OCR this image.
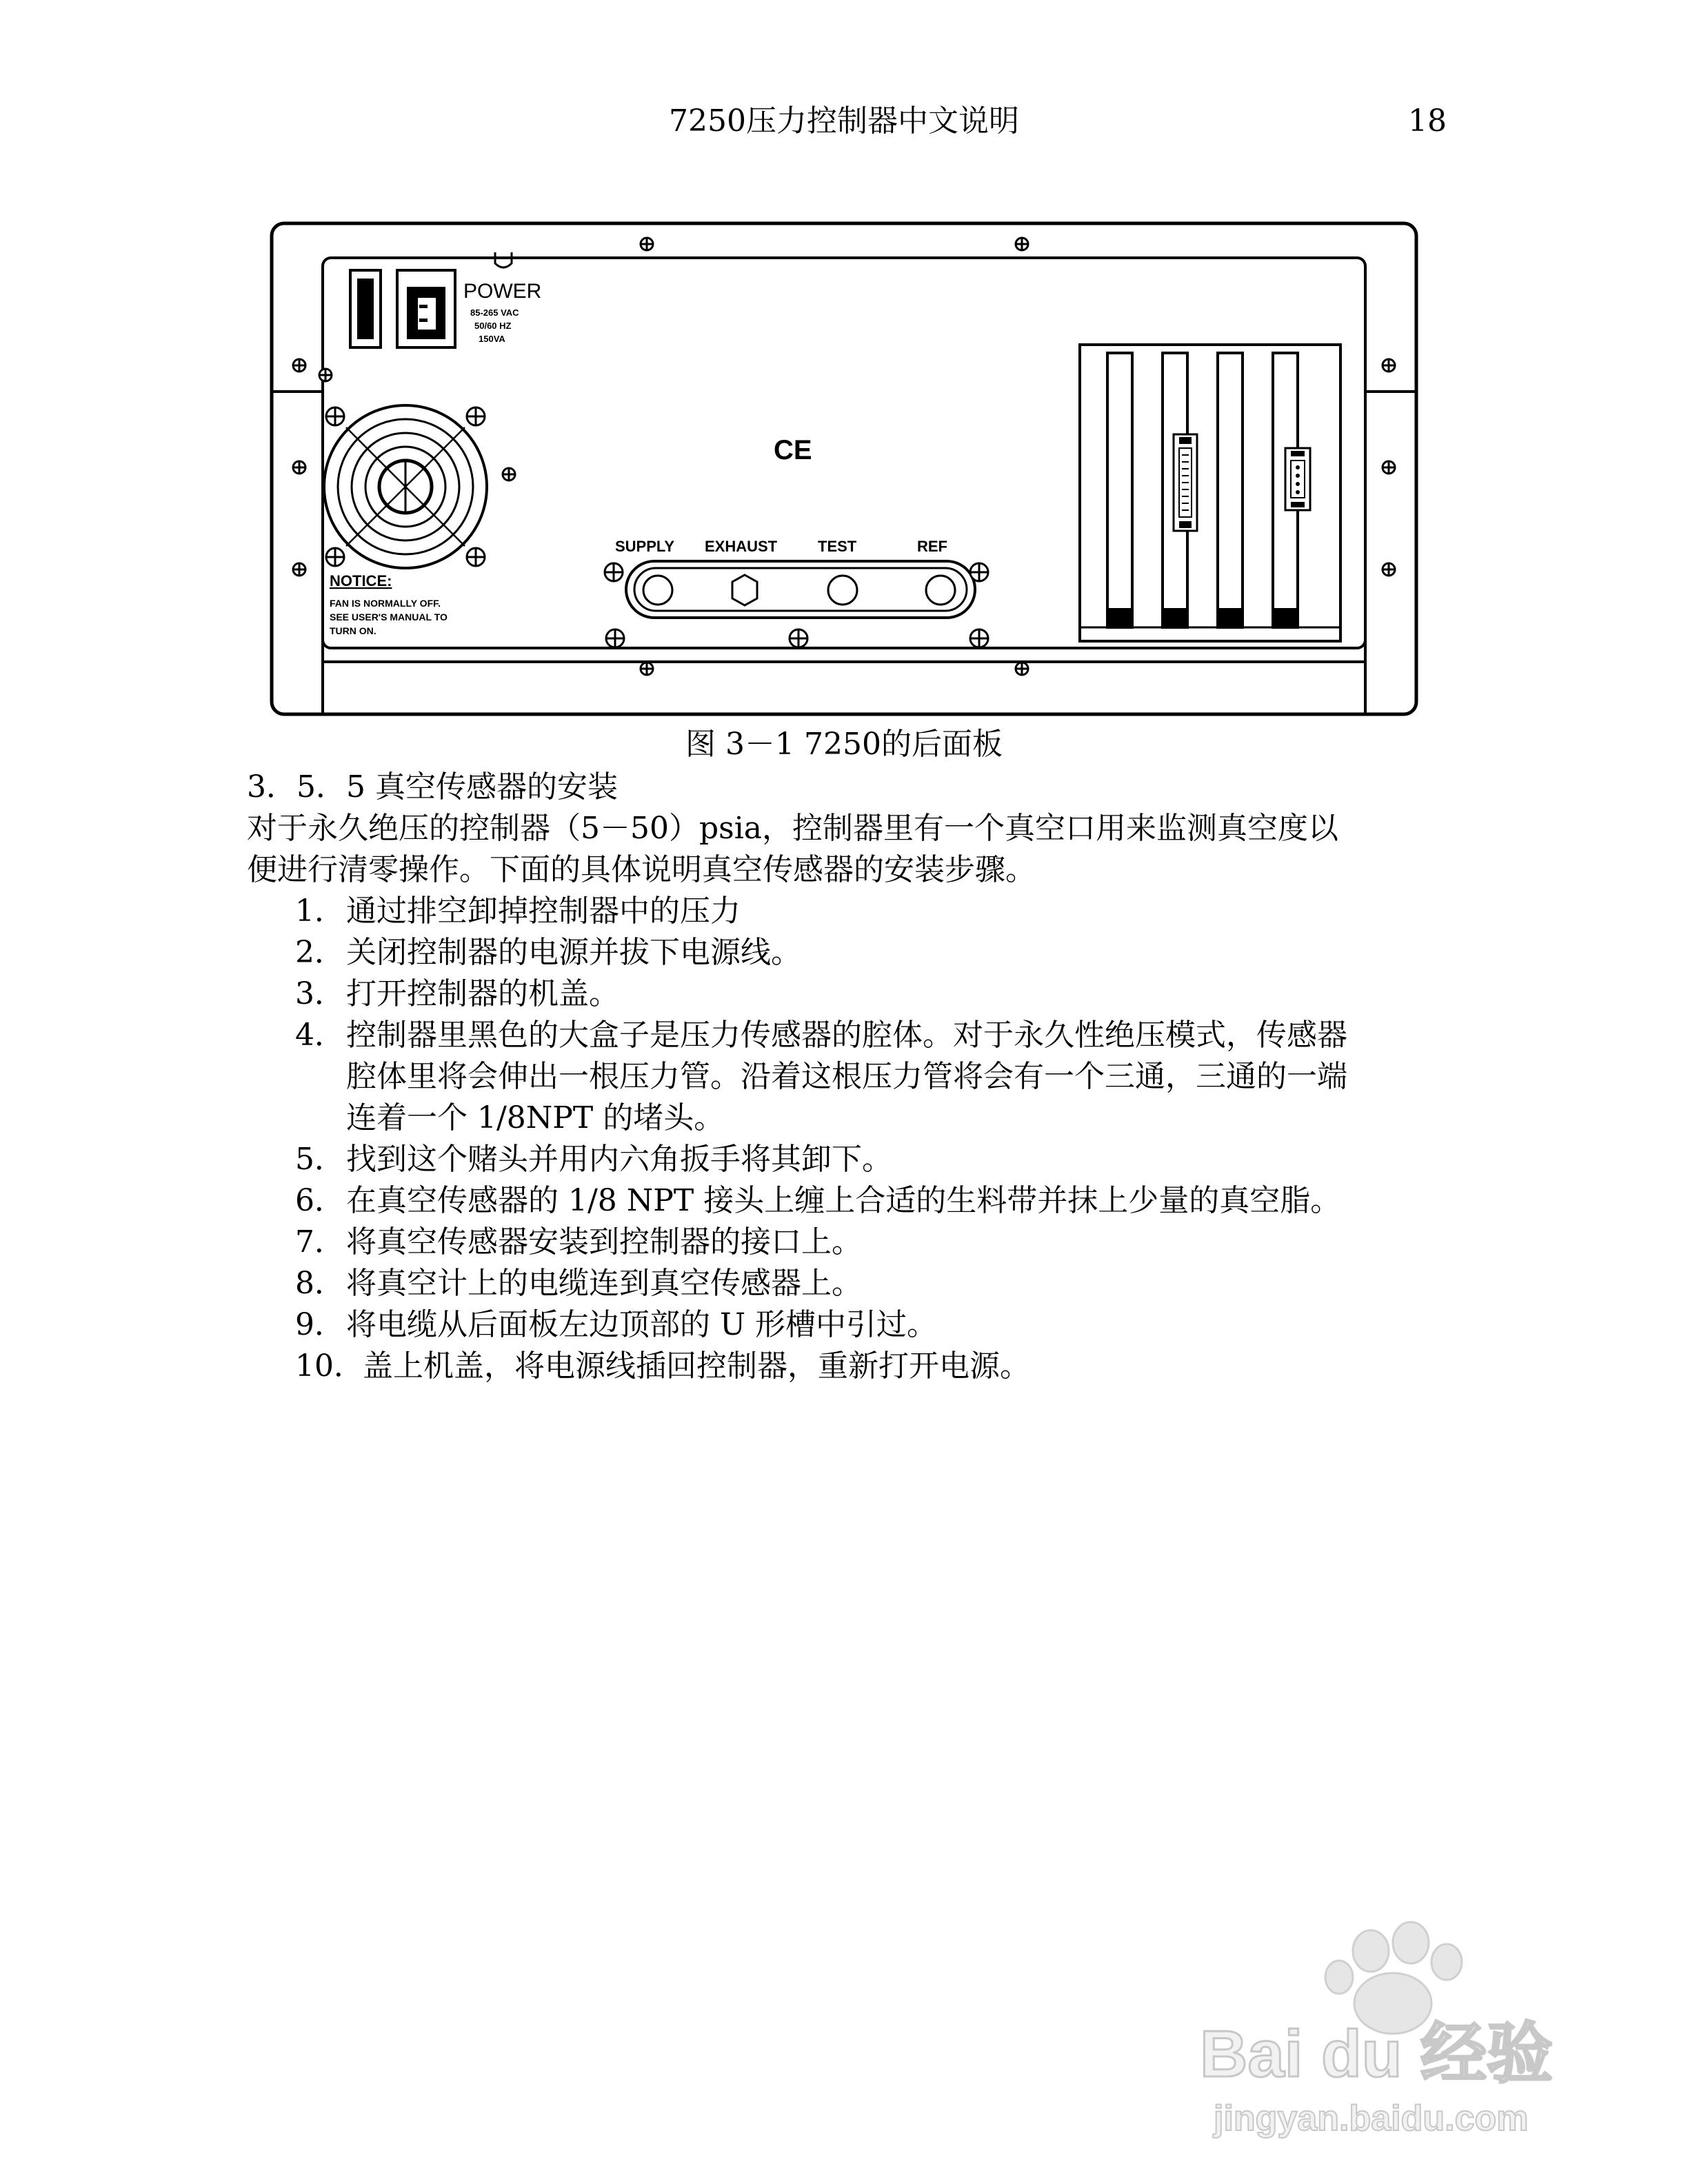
7250压力控制器中文说明	18
POWER
85-265 VAC
50/60 HZ
150VA
NOTICE:
FAN IS NORMALLY OFF.
SEE USER'S MANUAL TO
TURN ON.
CE
SUPPLY EXHAUST	TEST	REF
图 3－1 7250的后面板

3．5．5 真空传感器的安装

对于永久绝压的控制器（5－50）psia，控制器里有一个真空口用来监测真空度以

便进行清零操作。下面的具体说明真空传感器的安装步骤。

1． 通过排空卸掉控制器中的压力
2． 关闭控制器的电源并拔下电源线。
3． 打开控制器的机盖。
4． 控制器里黑色的大盒子是压力传感器的腔体。对于永久性绝压模式，传感器
腔体里将会伸出一根压力管。沿着这根压力管将会有一个三通，三通的一端
连着一个 1/8NPT 的堵头。
5． 找到这个赌头并用内六角扳手将其卸下。
6． 在真空传感器的 1/8 NPT 接头上缠上合适的生料带并抹上少量的真空脂。
7． 将真空传感器安装到控制器的接口上。
8． 将真空计上的电缆连到真空传感器上。
9． 将电缆从后面板左边顶部的 U 形槽中引过。
10．
盖上机盖，将电源线插回控制器，重新打开电源。
Bai du 经验
jingyan.baidu.com
